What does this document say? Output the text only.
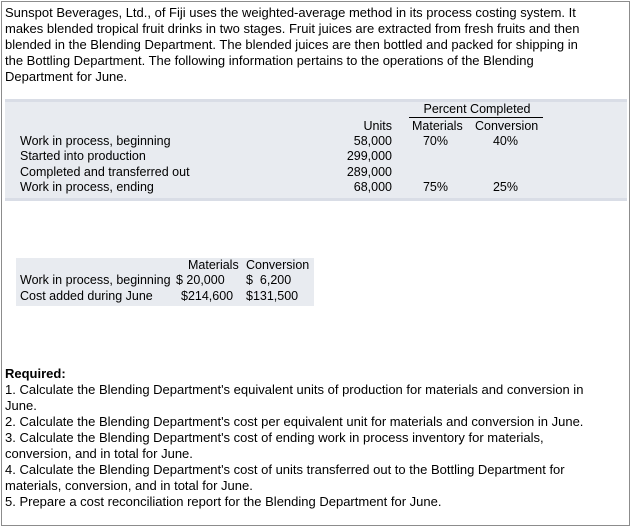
Sunspot Beverages, Ltd., of Fiji uses the weighted-average method in its process costing system. It
makes blended tropical fruit drinks in two stages. Fruit juices are extracted from fresh fruits and then
blended in the Blending Department. The blended juices are then bottled and packed for shipping in
the Bottling Department. The following information pertains to the operations of the Blending
Department for June.
Percent Completed
Units Materials Conversion
Work in process, beginning	58,000	70%	40%
Started into production	299,000
Completed and transferred out	289,000
Work in process, ending	68,000	75%	25%
Materials Conversion
Work in process, beginning $ 20,000 $  6,200
Cost added during June $214,600 $131,500
Required:
1. Calculate the Blending Department's equivalent units of production for materials and conversion in
June.
2. Calculate the Blending Department's cost per equivalent unit for materials and conversion in June.
3. Calculate the Blending Department's cost of ending work in process inventory for materials,
conversion, and in total for June.
4. Calculate the Blending Department's cost of units transferred out to the Bottling Department for
materials, conversion, and in total for June.
5. Prepare a cost reconciliation report for the Blending Department for June.
